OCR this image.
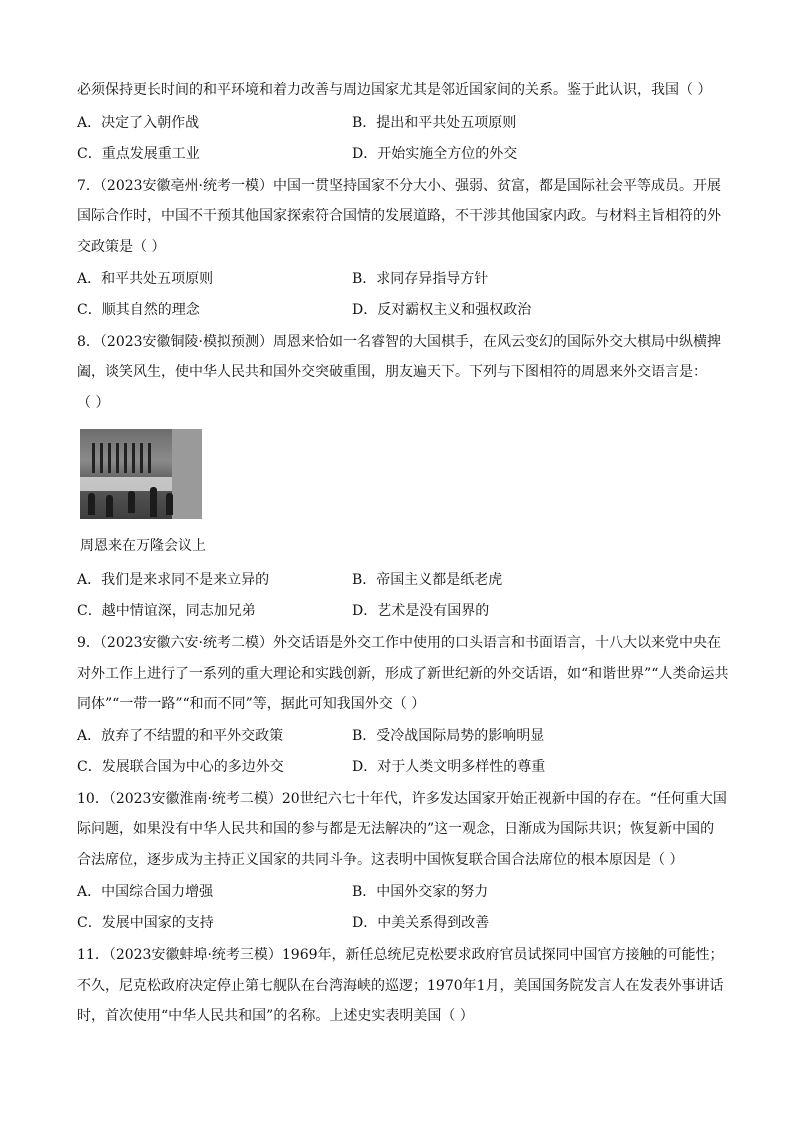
必须保持更长时间的和平环境和着力改善与周边国家尤其是邻近国家间的关系。鉴于此认识，我国（ ）
A．决定了入朝作战	B．提出和平共处五项原则
C．重点发展重工业	D．开始实施全方位的外交
7．（2023安徽亳州·统考一模）中国一贯坚持国家不分大小、强弱、贫富，都是国际社会平等成员。开展
国际合作时，中国不干预其他国家探索符合国情的发展道路，不干涉其他国家内政。与材料主旨相符的外
交政策是（ ）
A．和平共处五项原则	B．求同存异指导方针
C．顺其自然的理念	D．反对霸权主义和强权政治
8．（2023安徽铜陵·模拟预测）周恩来恰如一名睿智的大国棋手，在风云变幻的国际外交大棋局中纵横捭
阖，谈笑风生，使中华人民共和国外交突破重围，朋友遍天下。下列与下图相符的周恩来外交语言是：
（ ）
周恩来在万隆会议上
A．我们是来求同不是来立异的	B．帝国主义都是纸老虎
C．越中情谊深，同志加兄弟	D．艺术是没有国界的
9．（2023安徽六安·统考二模）外交话语是外交工作中使用的口头语言和书面语言，十八大以来党中央在
对外工作上进行了一系列的重大理论和实践创新，形成了新世纪新的外交话语，如“和谐世界”“人类命运共
同体”“一带一路”“和而不同”等，据此可知我国外交（ ）
A．放弃了不结盟的和平外交政策	B．受冷战国际局势的影响明显
C．发展联合国为中心的多边外交	D．对于人类文明多样性的尊重
10．（2023安徽淮南·统考二模）20世纪六七十年代，许多发达国家开始正视新中国的存在。“任何重大国
际问题，如果没有中华人民共和国的参与都是无法解决的”这一观念，日渐成为国际共识；恢复新中国的
合法席位，逐步成为主持正义国家的共同斗争。这表明中国恢复联合国合法席位的根本原因是（ ）
A．中国综合国力增强	B．中国外交家的努力
C．发展中国家的支持	D．中美关系得到改善
11．（2023安徽蚌埠·统考三模）1969年，新任总统尼克松要求政府官员试探同中国官方接触的可能性；
不久，尼克松政府决定停止第七舰队在台湾海峡的巡逻；1970年1月，美国国务院发言人在发表外事讲话
时，首次使用“中华人民共和国”的名称。上述史实表明美国（ ）
